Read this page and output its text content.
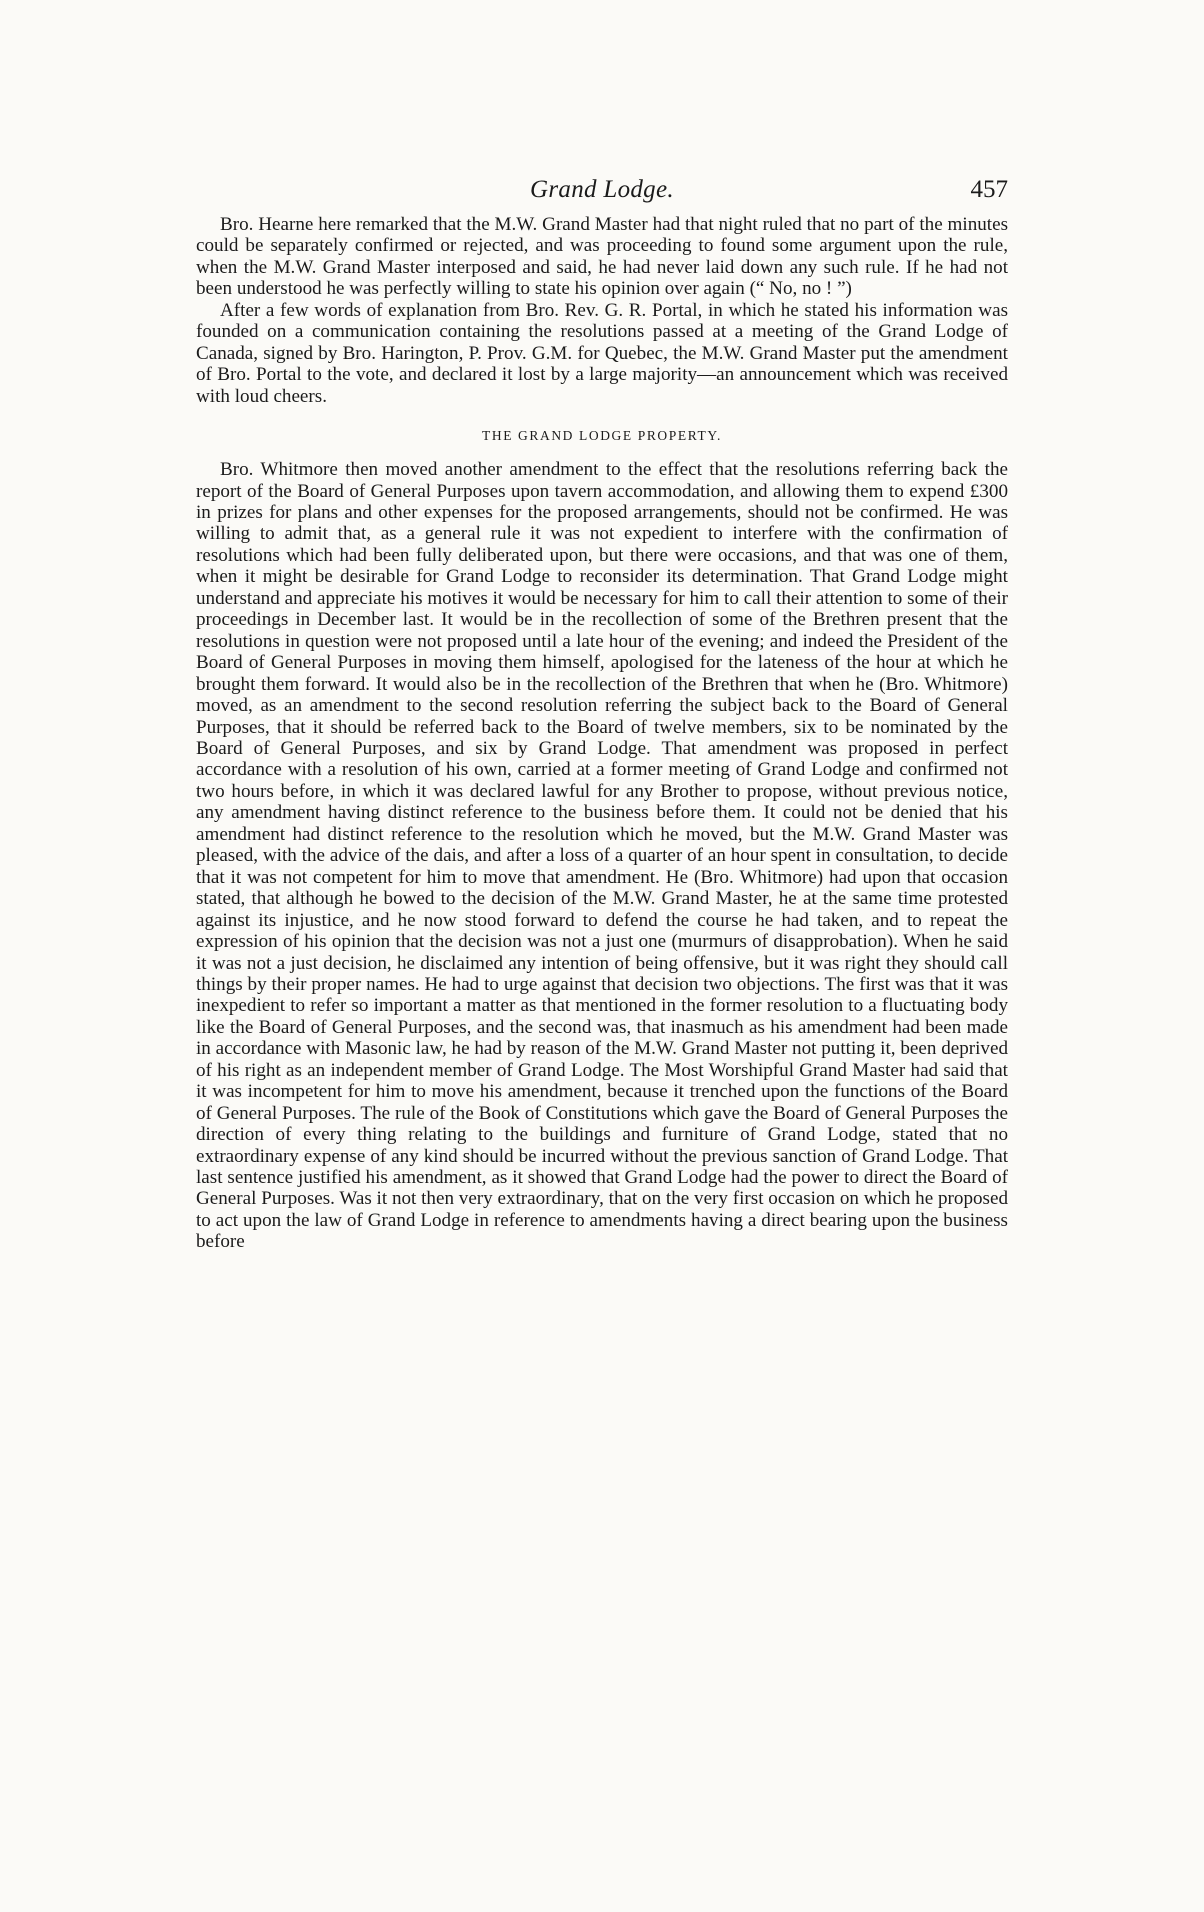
Grand Lodge.	457

Bro. Hearne here remarked that the M.W. Grand Master had that night ruled that no part of the minutes could be separately confirmed or rejected, and was proceeding to found some argument upon the rule, when the M.W. Grand Master interposed and said, he had never laid down any such rule. If he had not been understood he was perfectly willing to state his opinion over again (“ No, no ! ”)

After a few words of explanation from Bro. Rev. G. R. Portal, in which he stated his information was founded on a communication containing the resolutions passed at a meeting of the Grand Lodge of Canada, signed by Bro. Harington, P. Prov. G.M. for Quebec, the M.W. Grand Master put the amendment of Bro. Portal to the vote, and declared it lost by a large majority—an announcement which was received with loud cheers.

THE GRAND LODGE PROPERTY.

Bro. Whitmore then moved another amendment to the effect that the resolutions referring back the report of the Board of General Purposes upon tavern accommodation, and allowing them to expend £300 in prizes for plans and other expenses for the proposed arrangements, should not be confirmed. He was willing to admit that, as a general rule it was not expedient to interfere with the confirmation of resolutions which had been fully deliberated upon, but there were occasions, and that was one of them, when it might be desirable for Grand Lodge to reconsider its determination. That Grand Lodge might understand and appreciate his motives it would be necessary for him to call their attention to some of their proceedings in December last. It would be in the recollection of some of the Brethren present that the resolutions in question were not proposed until a late hour of the evening; and indeed the President of the Board of General Purposes in moving them himself, apologised for the lateness of the hour at which he brought them forward. It would also be in the recollection of the Brethren that when he (Bro. Whitmore) moved, as an amendment to the second resolution referring the subject back to the Board of General Purposes, that it should be referred back to the Board of twelve members, six to be nominated by the Board of General Purposes, and six by Grand Lodge. That amendment was proposed in perfect accordance with a resolution of his own, carried at a former meeting of Grand Lodge and confirmed not two hours before, in which it was declared lawful for any Brother to propose, without previous notice, any amendment having distinct reference to the business before them. It could not be denied that his amendment had distinct reference to the resolution which he moved, but the M.W. Grand Master was pleased, with the advice of the dais, and after a loss of a quarter of an hour spent in consultation, to decide that it was not competent for him to move that amendment. He (Bro. Whitmore) had upon that occasion stated, that although he bowed to the decision of the M.W. Grand Master, he at the same time protested against its injustice, and he now stood forward to defend the course he had taken, and to repeat the expression of his opinion that the decision was not a just one (murmurs of disapprobation). When he said it was not a just decision, he disclaimed any intention of being offensive, but it was right they should call things by their proper names. He had to urge against that decision two objections. The first was that it was inexpedient to refer so important a matter as that mentioned in the former resolution to a fluctuating body like the Board of General Purposes, and the second was, that inasmuch as his amendment had been made in accordance with Masonic law, he had by reason of the M.W. Grand Master not putting it, been deprived of his right as an independent member of Grand Lodge. The Most Worshipful Grand Master had said that it was incompetent for him to move his amendment, because it trenched upon the functions of the Board of General Purposes. The rule of the Book of Constitutions which gave the Board of General Purposes the direction of every thing relating to the buildings and furniture of Grand Lodge, stated that no extraordinary expense of any kind should be incurred without the previous sanction of Grand Lodge. That last sentence justified his amendment, as it showed that Grand Lodge had the power to direct the Board of General Purposes. Was it not then very extraordinary, that on the very first occasion on which he proposed to act upon the law of Grand Lodge in reference to amendments having a direct bearing upon the business before
